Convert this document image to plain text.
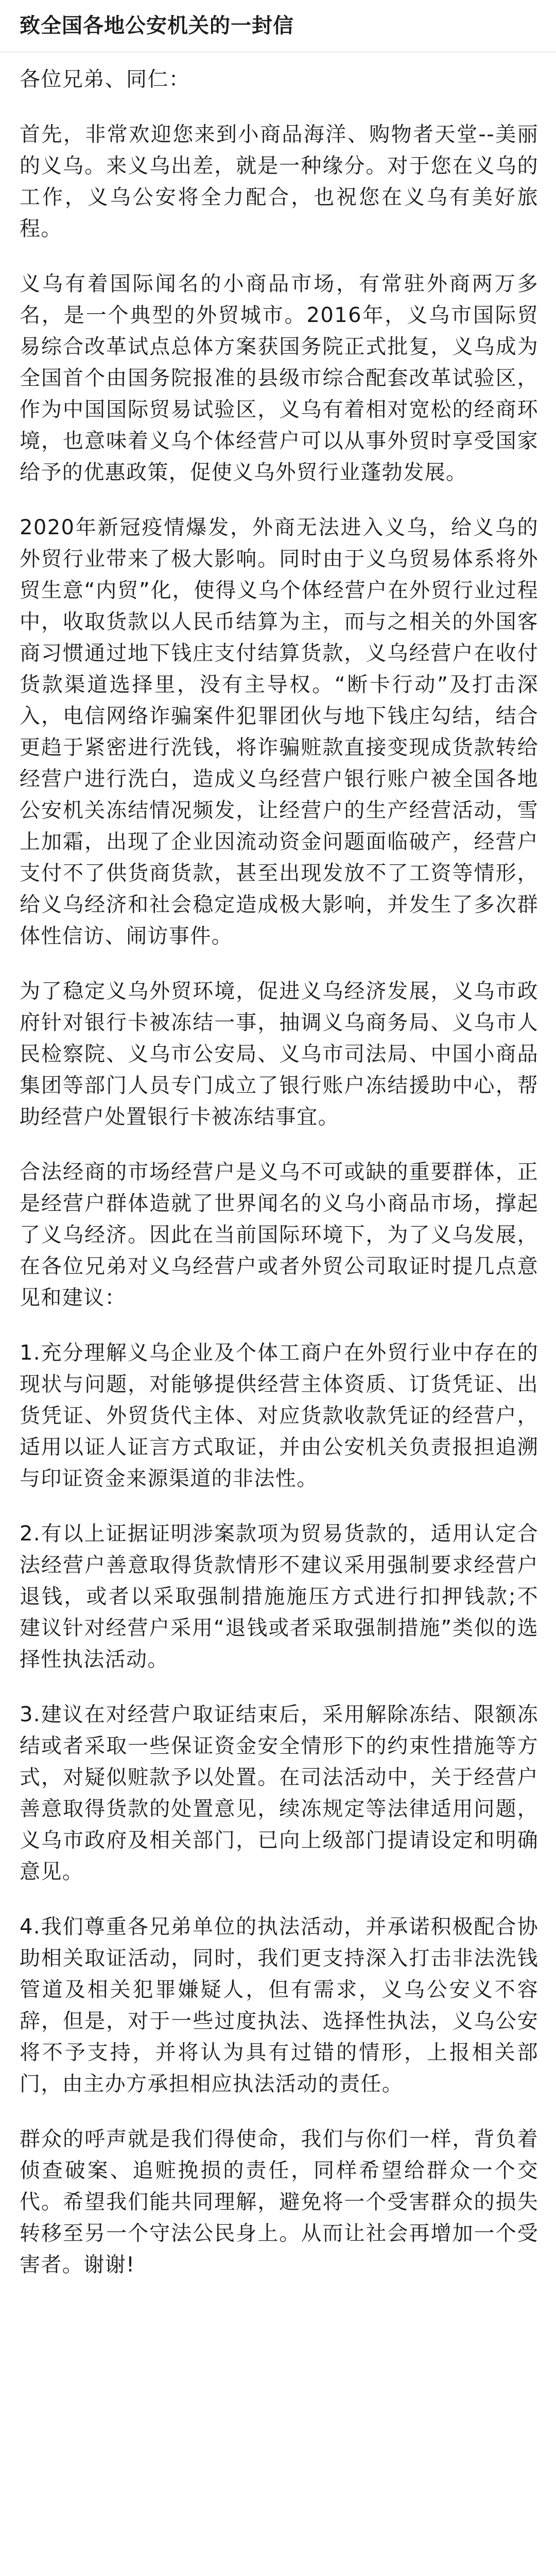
致全国各地公安机关的一封信

各位兄弟、同仁：

首先，非常欢迎您来到小商品海洋、购物者天堂--美丽的义乌。来义乌出差，就是一种缘分。对于您在义乌的工作，义乌公安将全力配合，也祝您在义乌有美好旅程。

义乌有着国际闻名的小商品市场，有常驻外商两万多名，是一个典型的外贸城市。2016年，义乌市国际贸易综合改革试点总体方案获国务院正式批复，义乌成为全国首个由国务院报准的县级市综合配套改革试验区，作为中国国际贸易试验区，义乌有着相对宽松的经商环境，也意味着义乌个体经营户可以从事外贸时享受国家给予的优惠政策，促使义乌外贸行业蓬勃发展。

2020年新冠疫情爆发，外商无法进入义乌，给义乌的外贸行业带来了极大影响。同时由于义乌贸易体系将外贸生意“内贸”化，使得义乌个体经营户在外贸行业过程中，收取货款以人民币结算为主，而与之相关的外国客商习惯通过地下钱庄支付结算货款，义乌经营户在收付货款渠道选择里，没有主导权。“断卡行动”及打击深入，电信网络诈骗案件犯罪团伙与地下钱庄勾结，结合更趋于紧密进行洗钱，将诈骗赃款直接变现成货款转给经营户进行洗白，造成义乌经营户银行账户被全国各地公安机关冻结情况频发，让经营户的生产经营活动，雪上加霜，出现了企业因流动资金问题面临破产，经营户支付不了供货商货款，甚至出现发放不了工资等情形，给义乌经济和社会稳定造成极大影响，并发生了多次群体性信访、闹访事件。

为了稳定义乌外贸环境，促进义乌经济发展，义乌市政府针对银行卡被冻结一事，抽调义乌商务局、义乌市人民检察院、义乌市公安局、义乌市司法局、中国小商品集团等部门人员专门成立了银行账户冻结援助中心，帮助经营户处置银行卡被冻结事宜。

合法经商的市场经营户是义乌不可或缺的重要群体，正是经营户群体造就了世界闻名的义乌小商品市场，撑起了义乌经济。因此在当前国际环境下，为了义乌发展，在各位兄弟对义乌经营户或者外贸公司取证时提几点意见和建议：

1.充分理解义乌企业及个体工商户在外贸行业中存在的现状与问题，对能够提供经营主体资质、订货凭证、出货凭证、外贸货代主体、对应货款收款凭证的经营户，适用以证人证言方式取证，并由公安机关负责报担追溯与印证资金来源渠道的非法性。

2.有以上证据证明涉案款项为贸易货款的，适用认定合法经营户善意取得货款情形不建议采用强制要求经营户退钱，或者以采取强制措施施压方式进行扣押钱款;不建议针对经营户采用“退钱或者采取强制措施”类似的选择性执法活动。

3.建议在对经营户取证结束后，采用解除冻结、限额冻结或者采取一些保证资金安全情形下的约束性措施等方式，对疑似赃款予以处置。在司法活动中，关于经营户善意取得货款的处置意见，续冻规定等法律适用问题，义乌市政府及相关部门，已向上级部门提请设定和明确意见。

4.我们尊重各兄弟单位的执法活动，并承诺积极配合协助相关取证活动，同时，我们更支持深入打击非法洗钱管道及相关犯罪嫌疑人，但有需求，义乌公安义不容辞，但是，对于一些过度执法、选择性执法，义乌公安将不予支持，并将认为具有过错的情形，上报相关部门，由主办方承担相应执法活动的责任。

群众的呼声就是我们得使命，我们与你们一样，背负着侦查破案、追赃挽损的责任，同样希望给群众一个交代。希望我们能共同理解，避免将一个受害群众的损失转移至另一个守法公民身上。从而让社会再增加一个受害者。谢谢!
